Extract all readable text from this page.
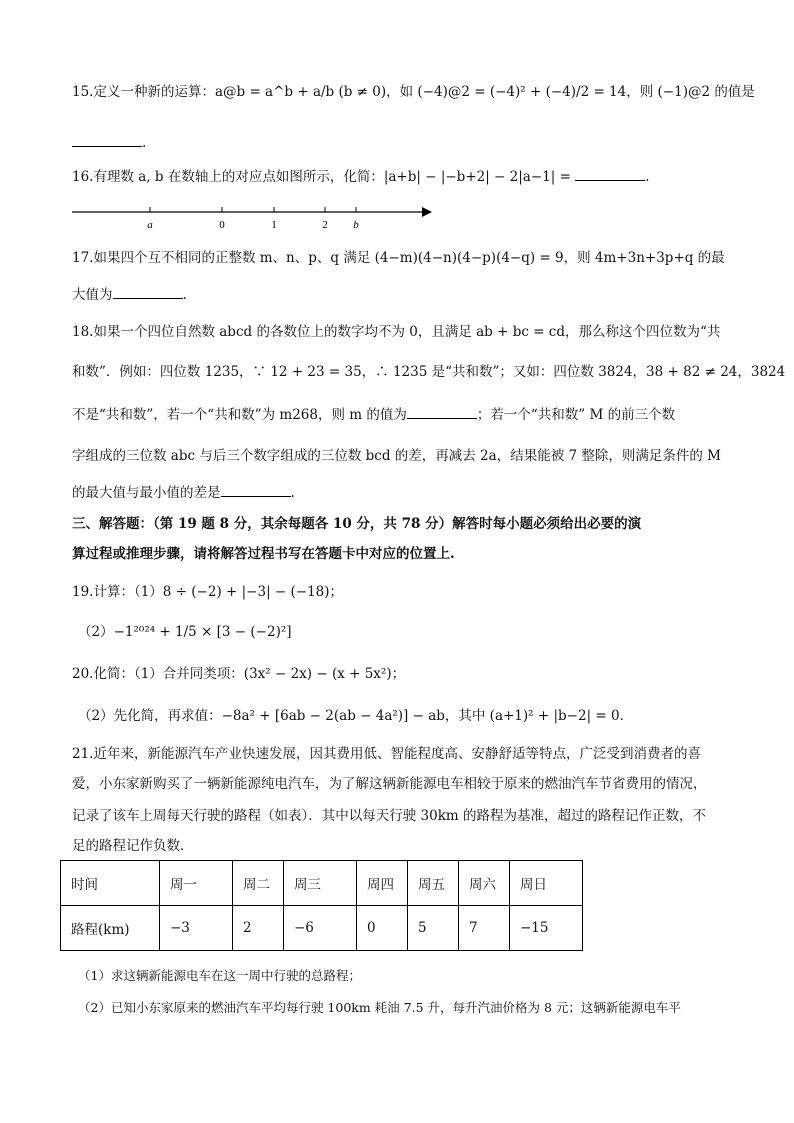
15.定义一种新的运算：a@b = a^b + a/b (b ≠ 0)，如 (−4)@2 = (−4)² + (−4)/2 = 14，则 (−1)@2 的值是
.
16.有理数 a, b 在数轴上的对应点如图所示，化简：|a+b| − |−b+2| − 2|a−1| =	.
a	0	1	2 b
17.如果四个互不相同的正整数 m、n、p、q 满足 (4−m)(4−n)(4−p)(4−q) = 9，则 4m+3n+3p+q 的最
大值为	.
18.如果一个四位自然数 abcd 的各数位上的数字均不为 0，且满足 ab + bc = cd，那么称这个四位数为“共
和数”．例如：四位数 1235，∵ 12 + 23 = 35，∴ 1235 是“共和数”；又如：四位数 3824，38 + 82 ≠ 24，3824
不是“共和数”，若一个“共和数”为 m268，则 m 的值为	；若一个“共和数” M 的前三个数
字组成的三位数 abc 与后三个数字组成的三位数 bcd 的差，再减去 2a，结果能被 7 整除，则满足条件的 M
的最大值与最小值的差是	.
三、解答题：（第 19 题 8 分，其余每题各 10 分，共 78 分）解答时每小题必须给出必要的演
算过程或推理步骤，请将解答过程书写在答题卡中对应的位置上.
19.计算：（1）8 ÷ (−2) + |−3| − (−18)；
（2）−1²⁰²⁴ + 1/5 × [3 − (−2)²]
20.化简：（1）合并同类项：(3x² − 2x) − (x + 5x²)；
（2）先化简，再求值：−8a² + [6ab − 2(ab − 4a²)] − ab，其中 (a+1)² + |b−2| = 0．
21.近年来，新能源汽车产业快速发展，因其费用低、智能程度高、安静舒适等特点，广泛受到消费者的喜
爱，小东家新购买了一辆新能源纯电汽车，为了解这辆新能源电车相较于原来的燃油汽车节省费用的情况，
记录了该车上周每天行驶的路程（如表）．其中以每天行驶 30km 的路程为基准，超过的路程记作正数，不
足的路程记作负数．
时间	周一	周二	周三	周四	周五	周六	周日
路程(km)	−3	2	−6	0	5	7	−15
（1）求这辆新能源电车在这一周中行驶的总路程；
（2）已知小东家原来的燃油汽车平均每行驶 100km 耗油 7.5 升，每升汽油价格为 8 元；这辆新能源电车平
